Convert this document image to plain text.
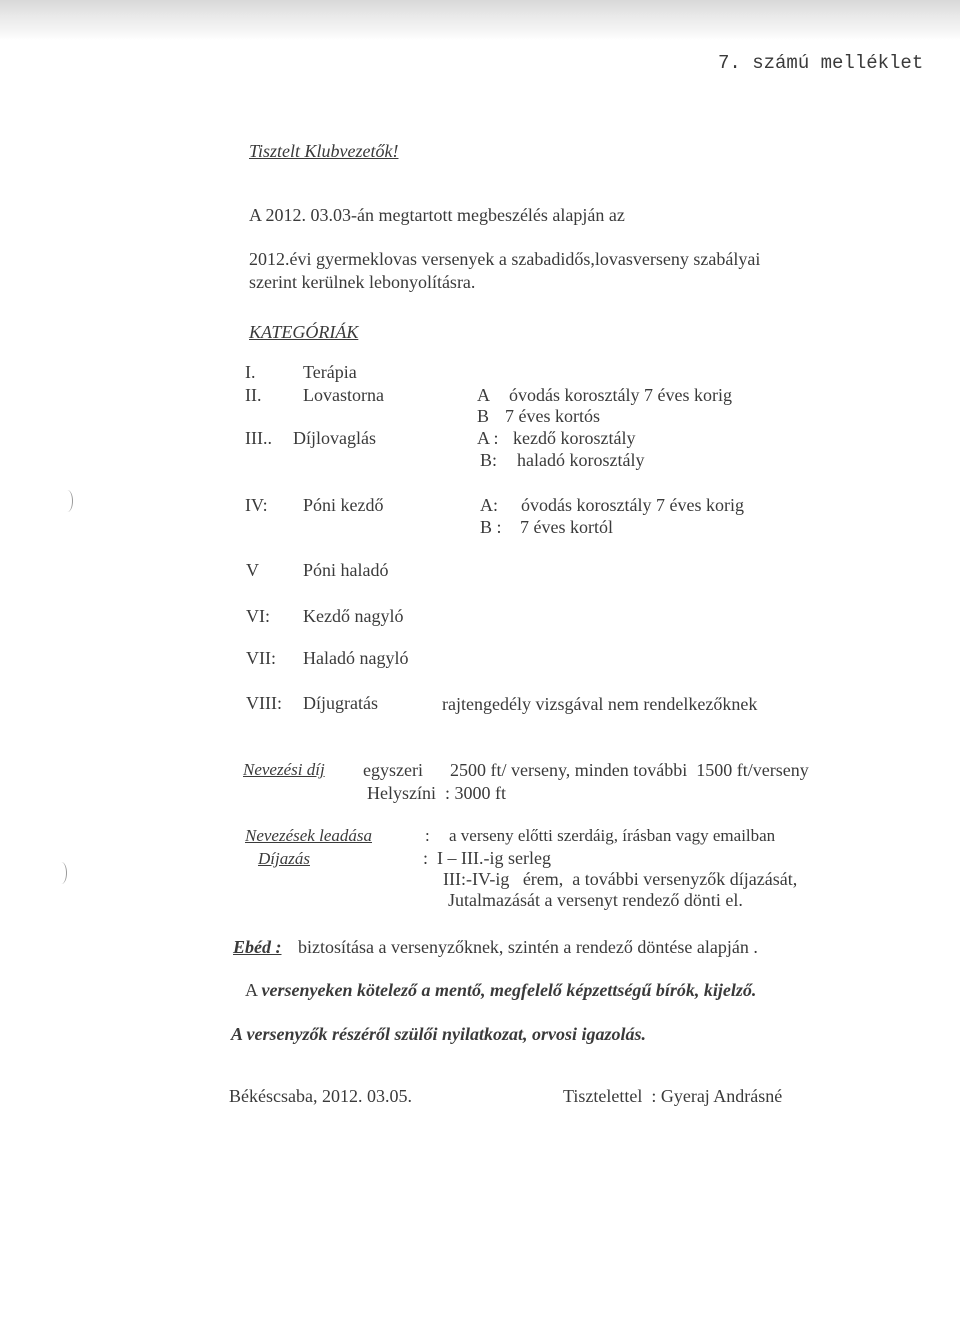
7. számú melléklet
Tisztelt Klubvezetők!
A 2012. 03.03-án megtartott megbeszélés alapján az
2012.évi gyermeklovas versenyek a szabadidős,lovasverseny szabályai
szerint kerülnek lebonyolításra.
KATEGÓRIÁK
I.	Terápia
II. Lovastorna	A óvodás korosztály 7 éves korig
B 7 éves kortós
III.. Díjlovaglás	A : kezdő korosztály
B: haladó korosztály
IV: Póni kezdő	A: óvodás korosztály 7 éves korig
B : 7 éves kortól
V Póni haladó
VI: Kezdő nagyló
VII: Haladó nagyló
VIII: Díjugratás	rajtengedély vizsgával nem rendelkezőknek
Nevezési díj egyszeri      2500 ft/ verseny, minden további  1500 ft/verseny
Helyszíni  : 3000 ft
Nevezések leadása	: a verseny előtti szerdáig, írásban vagy emailban
Díjazás	:  I – III.-ig serleg
III:-IV-ig   érem,  a további versenyzők díjazását,
Jutalmazását a versenyt rendező dönti el.
Ebéd : biztosítása a versenyzőknek, szintén a rendező döntése alapján .
A versenyeken kötelező a mentő, megfelelő képzettségű bírók, kijelző.
A versenyzők részéről szülői nyilatkozat, orvosi igazolás.
Békéscsaba, 2012. 03.05.	Tisztelettel  : Gyeraj Andrásné
